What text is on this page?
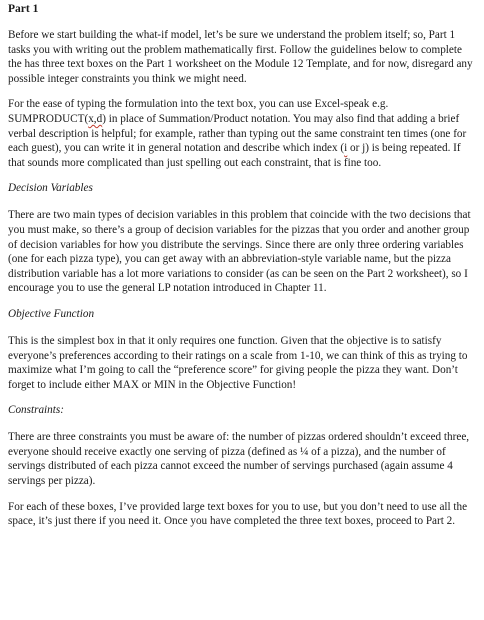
Part 1

Before we start building the what-if model, let’s be sure we understand the problem itself; so, Part 1 tasks you with writing out the problem mathematically first. Follow the guidelines below to complete the has three text boxes on the Part 1 worksheet on the Module 12 Template, and for now, disregard any possible integer constraints you think we might need.

For the ease of typing the formulation into the text box, you can use Excel-speak e.g. SUMPRODUCT(x,d) in place of Summation/Product notation. You may also find that adding a brief verbal description is helpful; for example, rather than typing out the same constraint ten times (one for each guest), you can write it in general notation and describe which index (i or j) is being repeated. If that sounds more complicated than just spelling out each constraint, that is fine too.

Decision Variables

There are two main types of decision variables in this problem that coincide with the two decisions that you must make, so there’s a group of decision variables for the pizzas that you order and another group of decision variables for how you distribute the servings. Since there are only three ordering variables (one for each pizza type), you can get away with an abbreviation-style variable name, but the pizza distribution variable has a lot more variations to consider (as can be seen on the Part 2 worksheet), so I encourage you to use the general LP notation introduced in Chapter 11.

Objective Function

This is the simplest box in that it only requires one function. Given that the objective is to satisfy everyone’s preferences according to their ratings on a scale from 1-10, we can think of this as trying to maximize what I’m going to call the “preference score” for giving people the pizza they want. Don’t forget to include either MAX or MIN in the Objective Function!

Constraints:

There are three constraints you must be aware of: the number of pizzas ordered shouldn’t exceed three, everyone should receive exactly one serving of pizza (defined as ¼ of a pizza), and the number of servings distributed of each pizza cannot exceed the number of servings purchased (again assume 4 servings per pizza).

For each of these boxes, I’ve provided large text boxes for you to use, but you don’t need to use all the space, it’s just there if you need it. Once you have completed the three text boxes, proceed to Part 2.
